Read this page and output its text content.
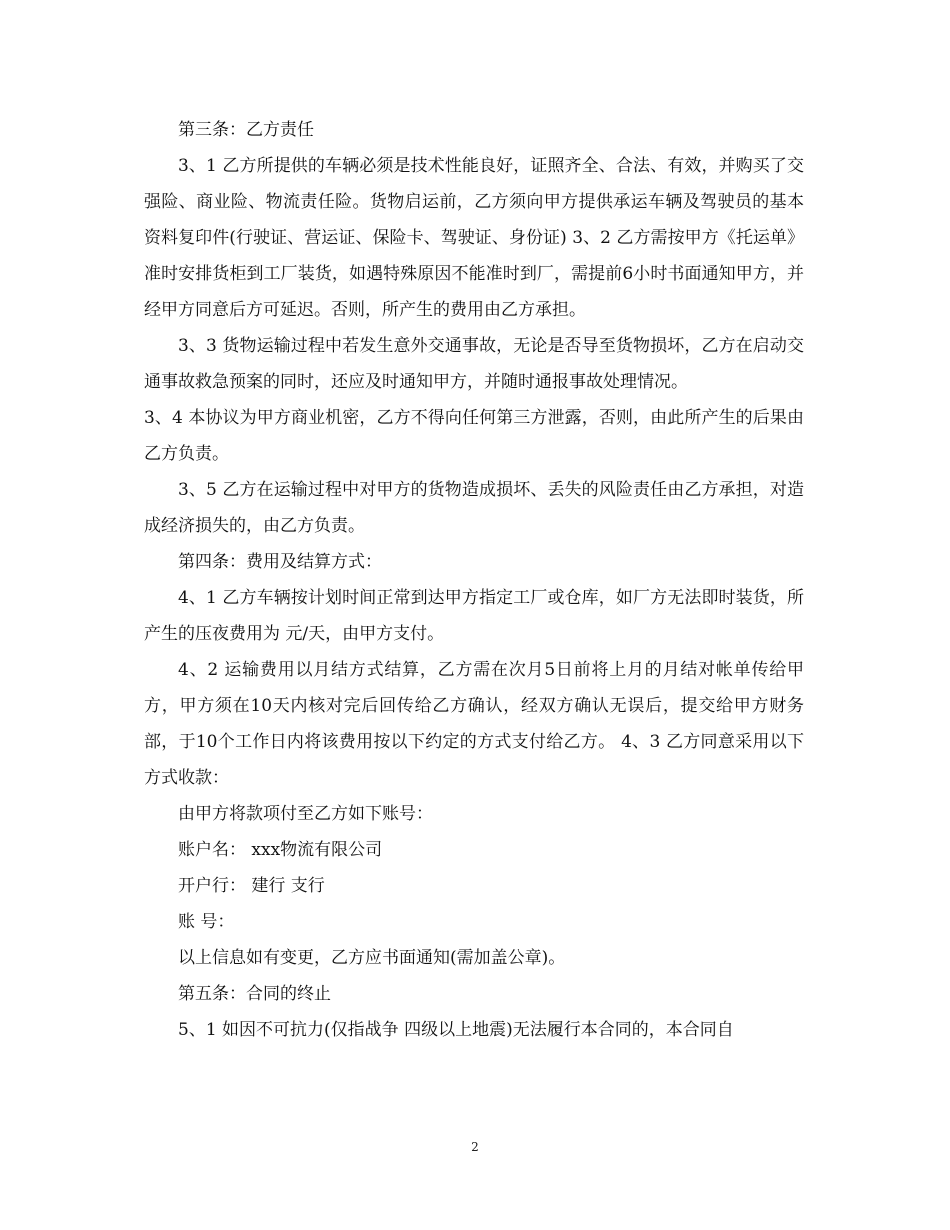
第三条：乙方责任

3、1 乙方所提供的车辆必须是技术性能良好，证照齐全、合法、有效，并购买了交强险、商业险、物流责任险。货物启运前，乙方须向甲方提供承运车辆及驾驶员的基本资料复印件(行驶证、营运证、保险卡、驾驶证、身份证) 3、2 乙方需按甲方《托运单》准时安排货柜到工厂装货，如遇特殊原因不能准时到厂，需提前6小时书面通知甲方，并经甲方同意后方可延迟。否则，所产生的费用由乙方承担。

3、3 货物运输过程中若发生意外交通事故，无论是否导至货物损坏，乙方在启动交通事故救急预案的同时，还应及时通知甲方，并随时通报事故处理情况。

3、4 本协议为甲方商业机密，乙方不得向任何第三方泄露，否则，由此所产生的后果由乙方负责。

3、5 乙方在运输过程中对甲方的货物造成损坏、丢失的风险责任由乙方承担，对造成经济损失的，由乙方负责。

第四条：费用及结算方式：

4、1 乙方车辆按计划时间正常到达甲方指定工厂或仓库，如厂方无法即时装货，所产生的压夜费用为 元/天，由甲方支付。

4、2 运输费用以月结方式结算，乙方需在次月5日前将上月的月结对帐单传给甲方，甲方须在10天内核对完后回传给乙方确认，经双方确认无误后，提交给甲方财务部，于10个工作日内将该费用按以下约定的方式支付给乙方。 4、3 乙方同意采用以下方式收款：

由甲方将款项付至乙方如下账号：

账户名： xxx物流有限公司

开户行： 建行 支行

账 号：

以上信息如有变更，乙方应书面通知(需加盖公章)。

第五条：合同的终止

5、1 如因不可抗力(仅指战争 四级以上地震)无法履行本合同的，本合同自

2
